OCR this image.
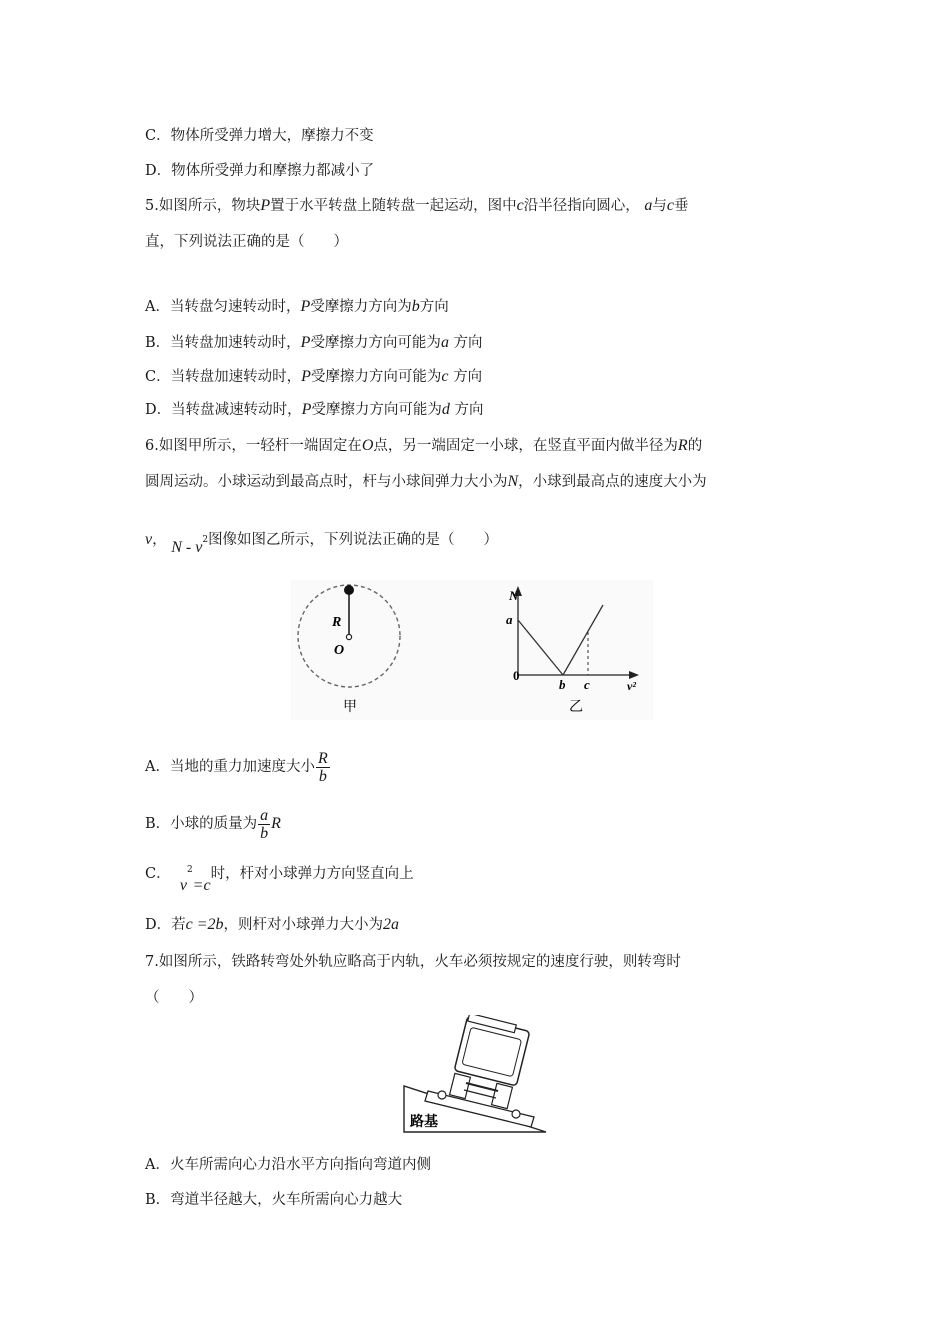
C．物体所受弹力增大，摩擦力不变
D．物体所受弹力和摩擦力都减小了
5.如图所示，物块P置于水平转盘上随转盘一起运动，图中c沿半径指向圆心， a与c垂
直，下列说法正确的是（　　）
A．当转盘匀速转动时，P受摩擦力方向为b方向
B．当转盘加速转动时，P受摩擦力方向可能为a 方向
C．当转盘加速转动时，P受摩擦力方向可能为c 方向
D．当转盘减速转动时，P受摩擦力方向可能为d 方向
6.如图甲所示，一轻杆一端固定在O点，另一端固定一小球，在竖直平面内做半径为R的
圆周运动。小球运动到最高点时，杆与小球间弹力大小为N，小球到最高点的速度大小为
v， N - $v^2$图像如图乙所示，下列说法正确的是（　　）
R
O
甲
N
a
0
b c	v²
乙
A．当地的重力加速度大小 $\frac{R}{b}$
B．小球的质量为 $\frac{a}{b}$ R
C．  $v^2=c$时，杆对小球弹力方向竖直向上
D．若c =2b，则杆对小球弹力大小为2a
7.如图所示，铁路转弯处外轨应略高于内轨，火车必须按规定的速度行驶，则转弯时
（　　）
路基
A．火车所需向心力沿水平方向指向弯道内侧
B．弯道半径越大，火车所需向心力越大
